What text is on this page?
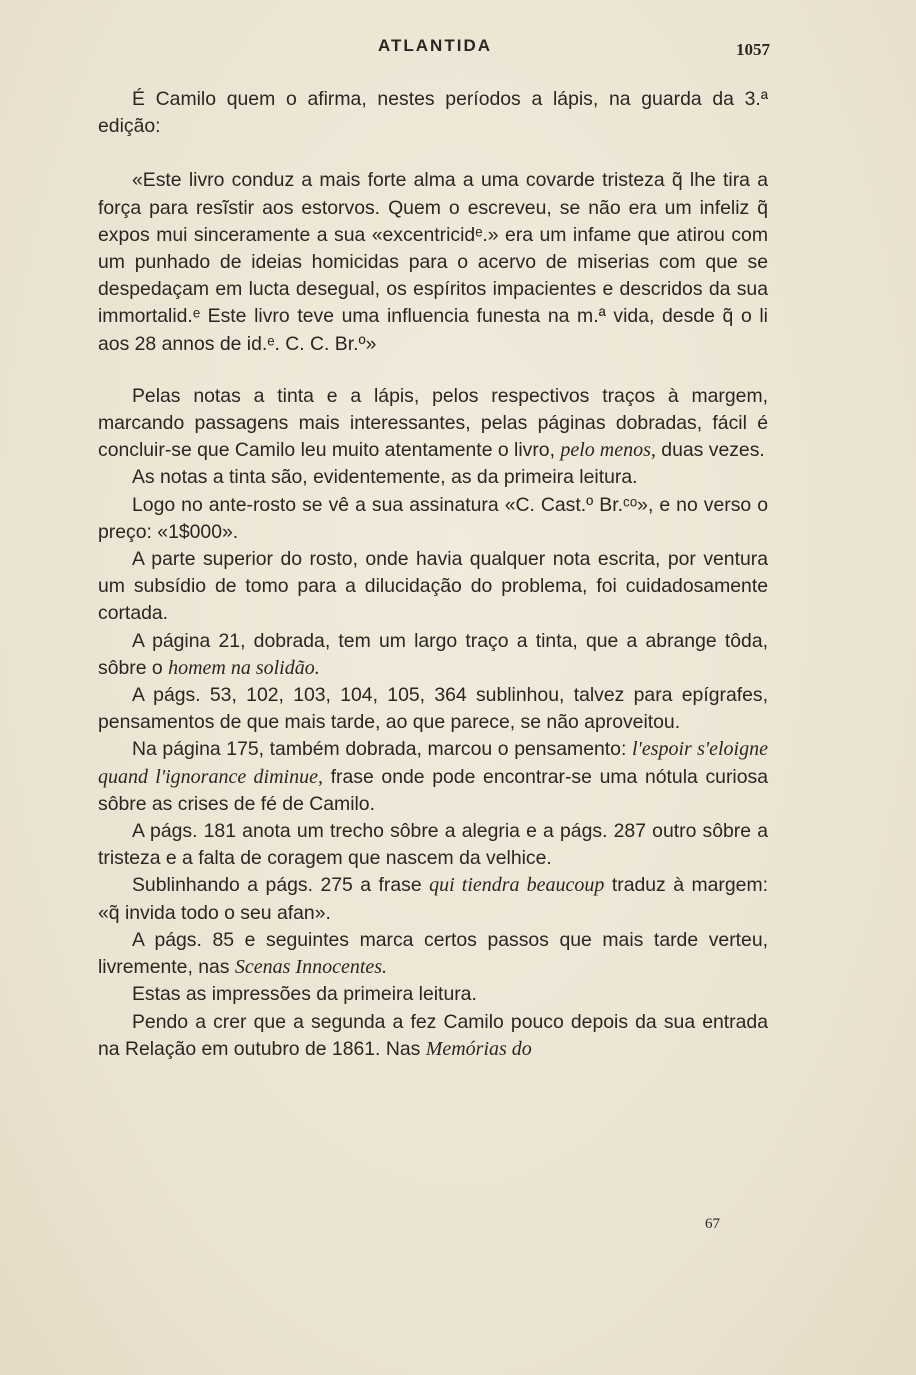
ATLANTIDA	1057

É Camilo quem o afirma, nestes períodos a lápis, na guarda da 3.ª edição:

«Este livro conduz a mais forte alma a uma covarde tristeza q̃ lhe tira a força para resĩstir aos estorvos. Quem o escreveu, se não era um infeliz q̃ expos mui sinceramente a sua «excentricidᵉ.» era um infame que atirou com um punhado de ideias homicidas para o acervo de miserias com que se despedaçam em lucta desegual, os espíritos impacientes e descridos da sua immortalid.ᵉ Este livro teve uma influencia funesta na m.ª vida, desde q̃ o li aos 28 annos de id.ᵉ. C. C. Br.º»

Pelas notas a tinta e a lápis, pelos respectivos traços à margem, marcando passagens mais interessantes, pelas páginas dobradas, fácil é concluir-se que Camilo leu muito atentamente o livro, pelo menos, duas vezes.

As notas a tinta são, evidentemente, as da primeira leitura.

Logo no ante-rosto se vê a sua assinatura «C. Cast.º Br.ᶜᵒ», e no verso o preço: «1$000».

A parte superior do rosto, onde havia qualquer nota escrita, por ventura um subsídio de tomo para a dilucidação do problema, foi cuidadosamente cortada.

A página 21, dobrada, tem um largo traço a tinta, que a abrange tôda, sôbre o homem na solidão.

A págs. 53, 102, 103, 104, 105, 364 sublinhou, talvez para epígrafes, pensamentos de que mais tarde, ao que parece, se não aproveitou.

Na página 175, também dobrada, marcou o pensamento: l'espoir s'eloigne quand l'ignorance diminue, frase onde pode encontrar-se uma nótula curiosa sôbre as crises de fé de Camilo.

A págs. 181 anota um trecho sôbre a alegria e a págs. 287 outro sôbre a tristeza e a falta de coragem que nascem da velhice.

Sublinhando a págs. 275 a frase qui tiendra beaucoup traduz à margem: «q̃ invida todo o seu afan».

A págs. 85 e seguintes marca certos passos que mais tarde verteu, livremente, nas Scenas Innocentes.

Estas as impressões da primeira leitura.

Pendo a crer que a segunda a fez Camilo pouco depois da sua entrada na Relação em outubro de 1861. Nas Memórias do

67
